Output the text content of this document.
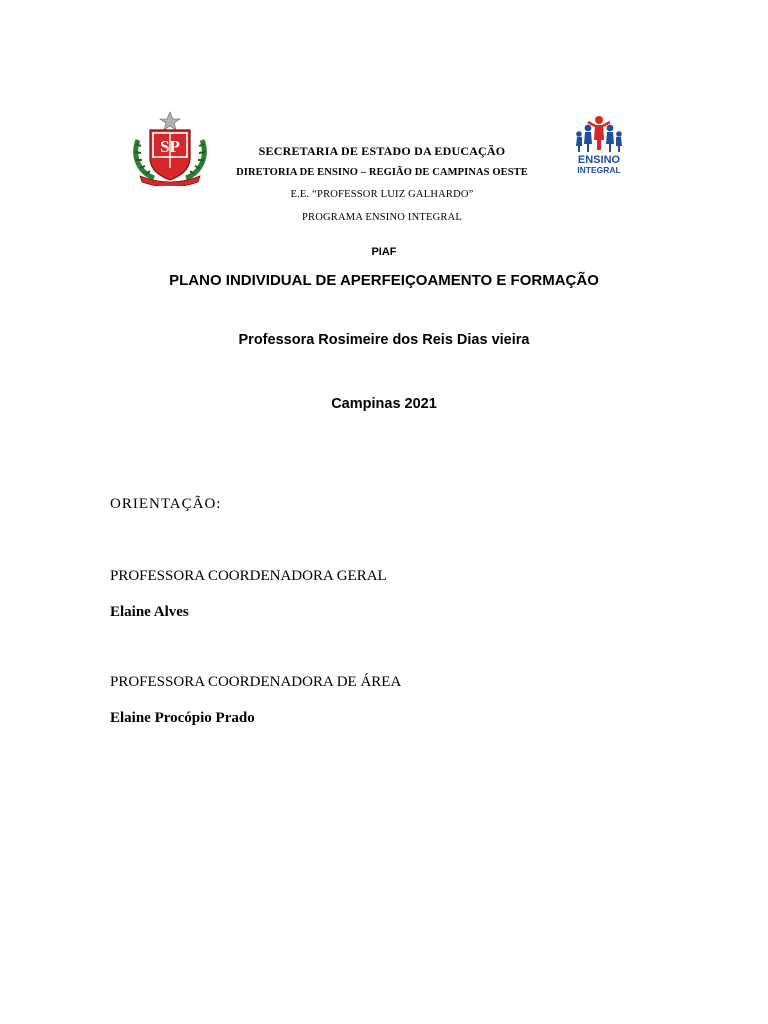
SP	SECRETARIA DE ESTADO DA EDUCAÇÃO
DIRETORIA DE ENSINO – REGIÃO DE CAMPINAS OESTE
E.E. “PROFESSOR LUIZ GALHARDO”
PROGRAMA ENSINO INTEGRAL
ENSINO
INTEGRAL
PIAF
PLANO INDIVIDUAL DE APERFEIÇOAMENTO E FORMAÇÃO
Professora Rosimeire dos Reis Dias vieira
Campinas 2021
ORIENTAÇÃO:
PROFESSORA COORDENADORA GERAL
Elaine Alves
PROFESSORA COORDENADORA DE ÁREA
Elaine Procópio Prado
